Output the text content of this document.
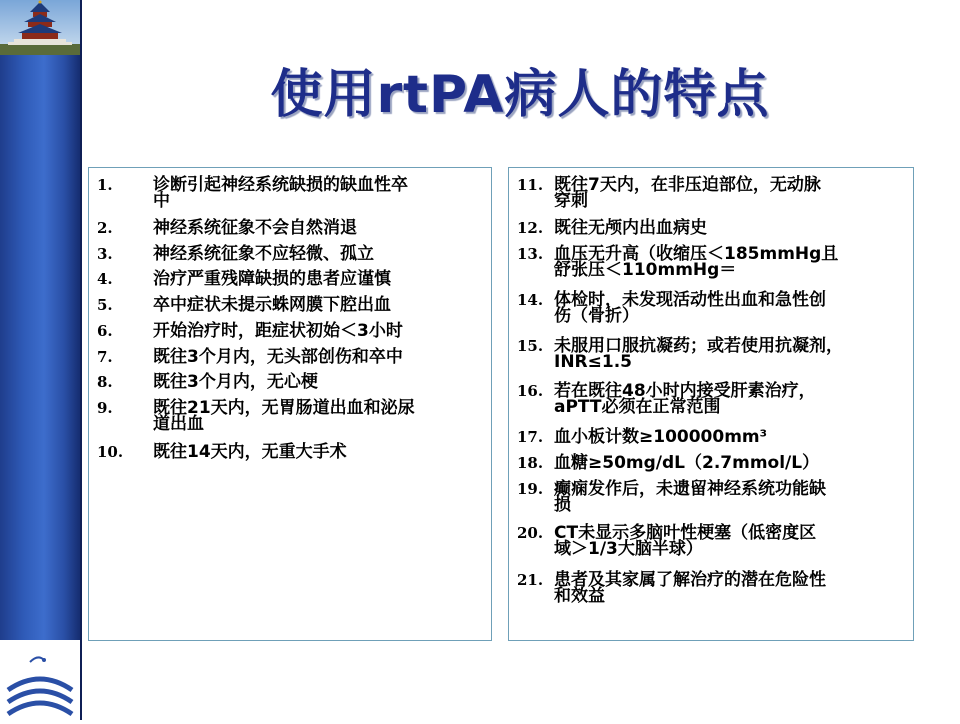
使用rtPA病人的特点
1. 诊断引起神经系统缺损的缺血性卒
中
2. 神经系统征象不会自然消退
3. 神经系统征象不应轻微、孤立
4. 治疗严重残障缺损的患者应谨慎
5. 卒中症状未提示蛛网膜下腔出血
6. 开始治疗时，距症状初始＜3小时
7. 既往3个月内，无头部创伤和卒中
8. 既往3个月内，无心梗
9. 既往21天内，无胃肠道出血和泌尿
道出血
10. 既往14天内，无重大手术
11. 既往7天内，在非压迫部位，无动脉
穿刺
12. 既往无颅内出血病史
13. 血压无升高（收缩压＜185mmHg且
舒张压＜110mmHg＝
14. 体检时，未发现活动性出血和急性创
伤（骨折）
15. 未服用口服抗凝药；或若使用抗凝剂，
INR≤1.5
16. 若在既往48小时内接受肝素治疗，
aPTT必须在正常范围
17. 血小板计数≥100000mm³
18. 血糖≥50mg/dL（2.7mmol/L）
19. 癫痫发作后，未遗留神经系统功能缺
损
20. CT未显示多脑叶性梗塞（低密度区
域＞1/3大脑半球）
21. 患者及其家属了解治疗的潜在危险性
和效益
